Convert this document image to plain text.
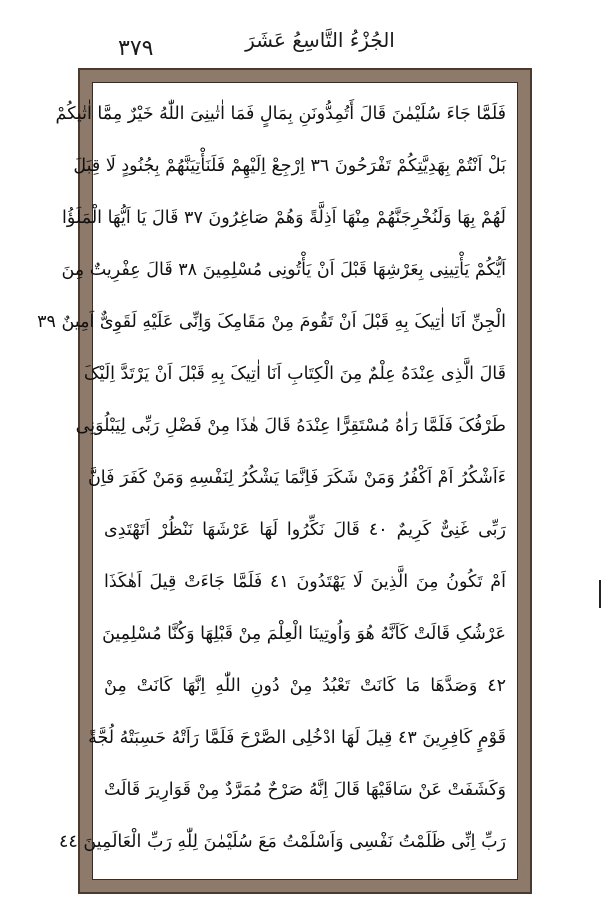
٣٧٩	الجُزْءُ التَّاسِعُ عَشَرَ
فَلَمَّا جَاءَ سُلَيْمٰنَ قَالَ أَتُمِدُّونَنِ بِمَالٍ فَمَا اٰتٰینِیَ اللّٰهُ خَیْرٌ مِمَّا اٰتٰیکُمْ
بَلْ اَنْتُمْ بِهَدِیَّتِکُمْ تَفْرَحُونَ ٣٦ اِرْجِعْ اِلَیْهِمْ فَلَنَأْتِیَنَّهُمْ بِجُنُودٍ لَا قِبَلَ
لَهُمْ بِهَا وَلَنُخْرِجَنَّهُمْ مِنْهَا اَذِلَّةً وَهُمْ صَاغِرُونَ ٣٧ قَالَ یَا اَیُّهَا الْمَلَؤُا
اَیُّکُمْ یَأْتِینِی بِعَرْشِهَا قَبْلَ اَنْ یَأْتُونِی مُسْلِمِینَ ٣٨ قَالَ عِفْرِیتٌ مِنَ
الْجِنِّ اَنَا اٰتِیکَ بِهِ قَبْلَ اَنْ تَقُومَ مِنْ مَقَامِکَ وَاِنِّی عَلَیْهِ لَقَوِیٌّ اَمِینٌ ٣٩
قَالَ الَّذِی عِنْدَهُ عِلْمٌ مِنَ الْکِتَابِ اَنَا اٰتِیکَ بِهِ قَبْلَ اَنْ یَرْتَدَّ اِلَیْکَ
طَرْفُکَ فَلَمَّا رَاٰهُ مُسْتَقِرًّا عِنْدَهُ قَالَ هٰذَا مِنْ فَضْلِ رَبِّی لِیَبْلُوَنِی
ءَاَشْکُرُ اَمْ اَکْفُرُ وَمَنْ شَکَرَ فَاِنَّمَا یَشْکُرُ لِنَفْسِهِ وَمَنْ کَفَرَ فَاِنَّ
رَبِّی غَنِیٌّ کَرِیمٌ ٤٠ قَالَ نَکِّرُوا لَهَا عَرْشَهَا نَنْظُرْ اَتَهْتَدِی
اَمْ تَکُونُ مِنَ الَّذِینَ لَا یَهْتَدُونَ ٤١ فَلَمَّا جَاءَتْ قِیلَ اَهٰکَذَا
عَرْشُکِ قَالَتْ کَاَنَّهُ هُوَ وَاُوتِینَا الْعِلْمَ مِنْ قَبْلِهَا وَکُنَّا مُسْلِمِینَ
٤٢ وَصَدَّهَا مَا کَانَتْ تَعْبُدُ مِنْ دُونِ اللّٰهِ اِنَّهَا کَانَتْ مِنْ
قَوْمٍ کَافِرِینَ ٤٣ قِیلَ لَهَا ادْخُلِی الصَّرْحَ فَلَمَّا رَاَتْهُ حَسِبَتْهُ لُجَّةً
وَکَشَفَتْ عَنْ سَاقَیْهَا قَالَ اِنَّهُ صَرْحٌ مُمَرَّدٌ مِنْ قَوَارِیرَ قَالَتْ
رَبِّ اِنِّی ظَلَمْتُ نَفْسِی وَاَسْلَمْتُ مَعَ سُلَیْمٰنَ لِلّٰهِ رَبِّ الْعَالَمِینَ ٤٤
